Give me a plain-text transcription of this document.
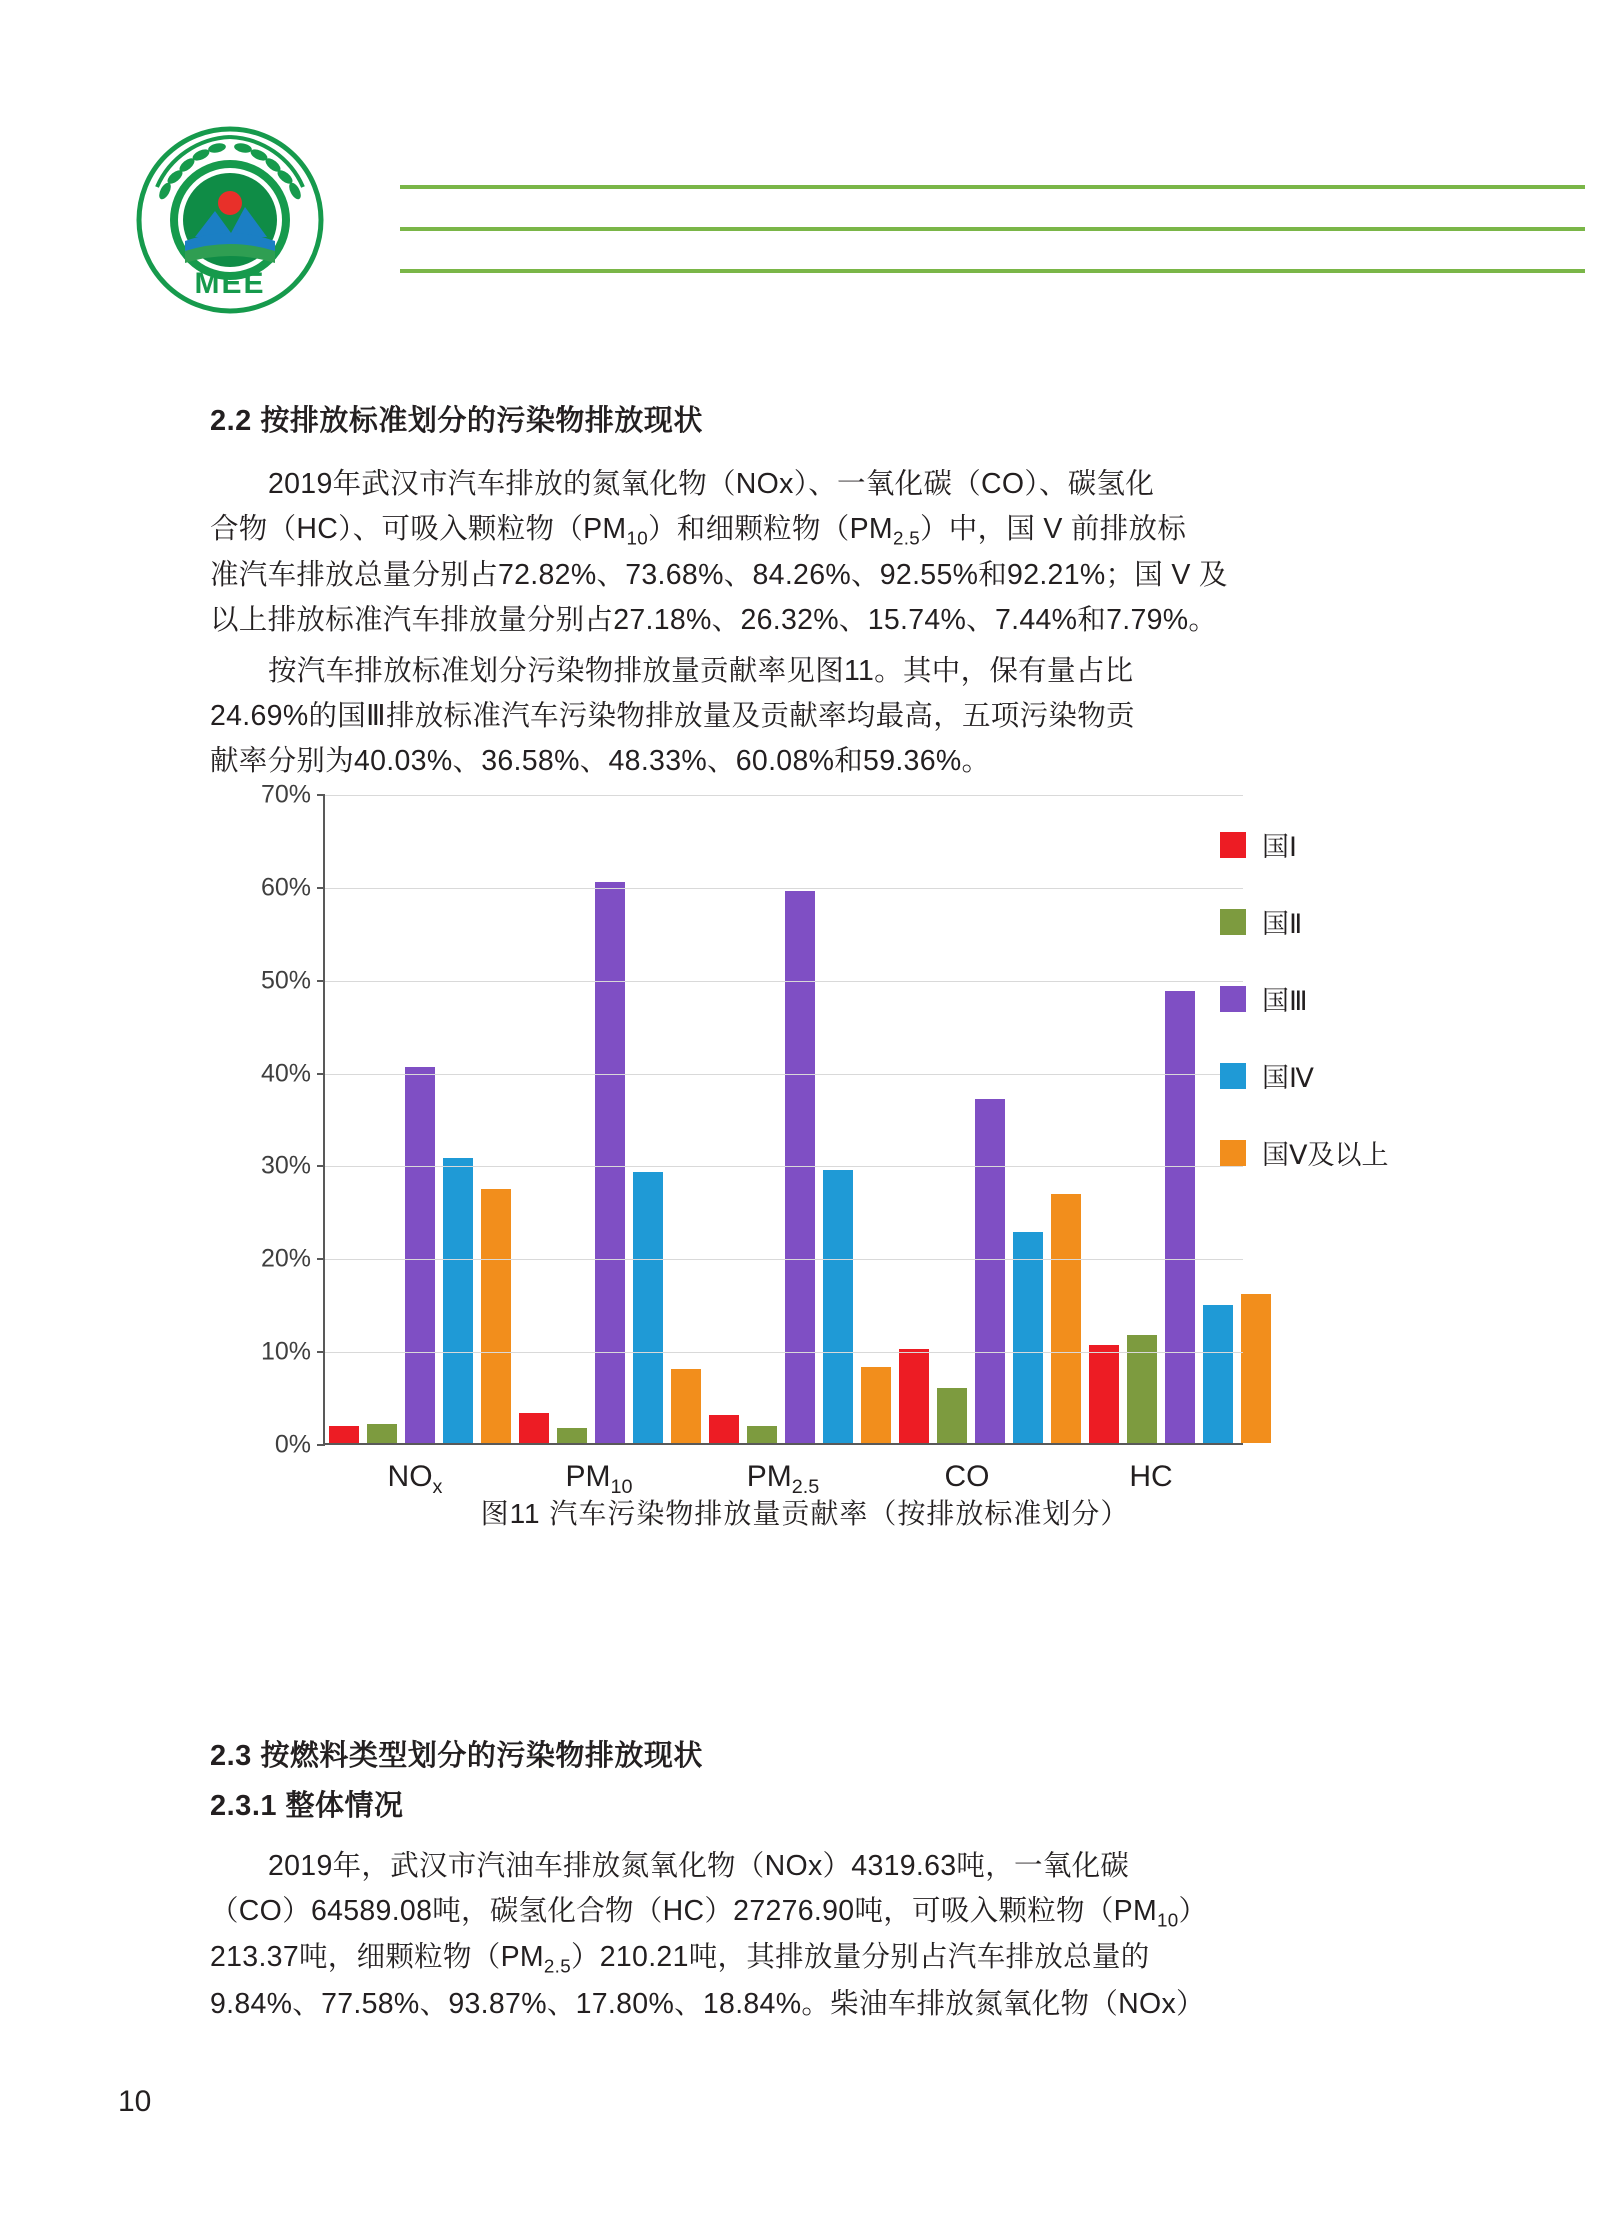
MEE
2.2 按排放标准划分的污染物排放现状

2019年武汉市汽车排放的氮氧化物（NOx）、一氧化碳（CO）、碳氢化
合物（HC）、可吸入颗粒物$(PM_{10})$和细颗粒物$(PM_{2.5})$中，国 V 前排放标
准汽车排放总量分别占72.82%、73.68%、84.26%、92.55%和92.21%；国 V 及
以上排放标准汽车排放量分别占27.18%、26.32%、15.74%、7.44%和7.79%。

按汽车排放标准划分污染物排放量贡献率见图11。其中，保有量占比
24.69%的国Ⅲ排放标准汽车污染物排放量及贡献率均最高，五项污染物贡
献率分别为40.03%、36.58%、48.33%、60.08%和59.36%。

0%
10%
20%
30%
40%
50%
60%
70%
$NO_x$	$PM_{10}$	$PM_{2.5}$	CO	HC
国Ⅰ
国Ⅱ
国Ⅲ
国Ⅳ
国Ⅴ及以上
图11 汽车污染物排放量贡献率（按排放标准划分）
2.3 按燃料类型划分的污染物排放现状
2.3.1 整体情况

2019年，武汉市汽油车排放氮氧化物（NOx）4319.63吨，一氧化碳
（CO）64589.08吨，碳氢化合物（HC）27276.90吨，可吸入颗粒物$(PM_{10})$
213.37吨，细颗粒物$(PM_{2.5})210.21$吨，其排放量分别占汽车排放总量的
9.84%、77.58%、93.87%、17.80%、18.84%。柴油车排放氮氧化物（NOx）

10
